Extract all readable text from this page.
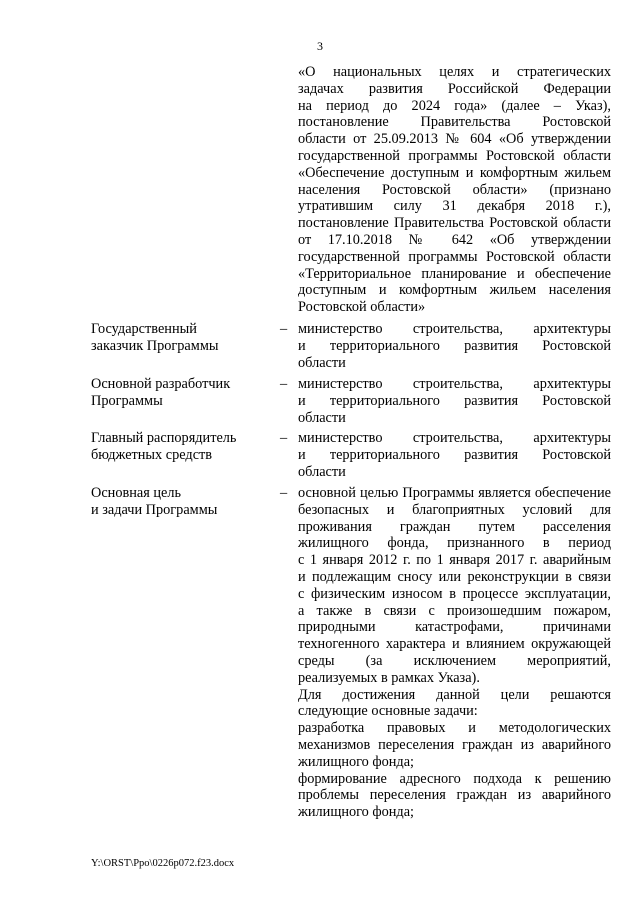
3

«О национальных целях и стратегических

задачах развития Российской Федерации

на период до 2024 года» (далее – Указ),

постановление Правительства Ростовской

области от 25.09.2013 № 604 «Об утверждении

государственной программы Ростовской области

«Обеспечение доступным и комфортным жильем

населения Ростовской области» (признано

утратившим силу 31 декабря 2018 г.),

постановление Правительства Ростовской области

от 17.10.2018 № 642 «Об утверждении

государственной программы Ростовской области

«Территориальное планирование и обеспечение

доступным и комфортным жильем населения

Ростовской области»

Государственный

заказчик Программы

– министерство строительства, архитектуры

и территориального развития Ростовской

области

Основной разработчик

Программы

– министерство строительства, архитектуры

и территориального развития Ростовской

области

Главный распорядитель

бюджетных средств

– министерство строительства, архитектуры

и территориального развития Ростовской

области

Основная цель

и задачи Программы

– основной целью Программы является обеспечение

безопасных и благоприятных условий для

проживания граждан путем расселения

жилищного фонда, признанного в период

с 1 января 2012 г. по 1 января 2017 г. аварийным

и подлежащим сносу или реконструкции в связи

с физическим износом в процессе эксплуатации,

а также в связи с произошедшим пожаром,

природными катастрофами, причинами

техногенного характера и влиянием окружающей

среды (за исключением мероприятий,

реализуемых в рамках Указа).

Для достижения данной цели решаются

следующие основные задачи:

разработка правовых и методологических

механизмов переселения граждан из аварийного

жилищного фонда;

формирование адресного подхода к решению

проблемы переселения граждан из аварийного

жилищного фонда;

Y:\ORST\Ppo\0226p072.f23.docx
